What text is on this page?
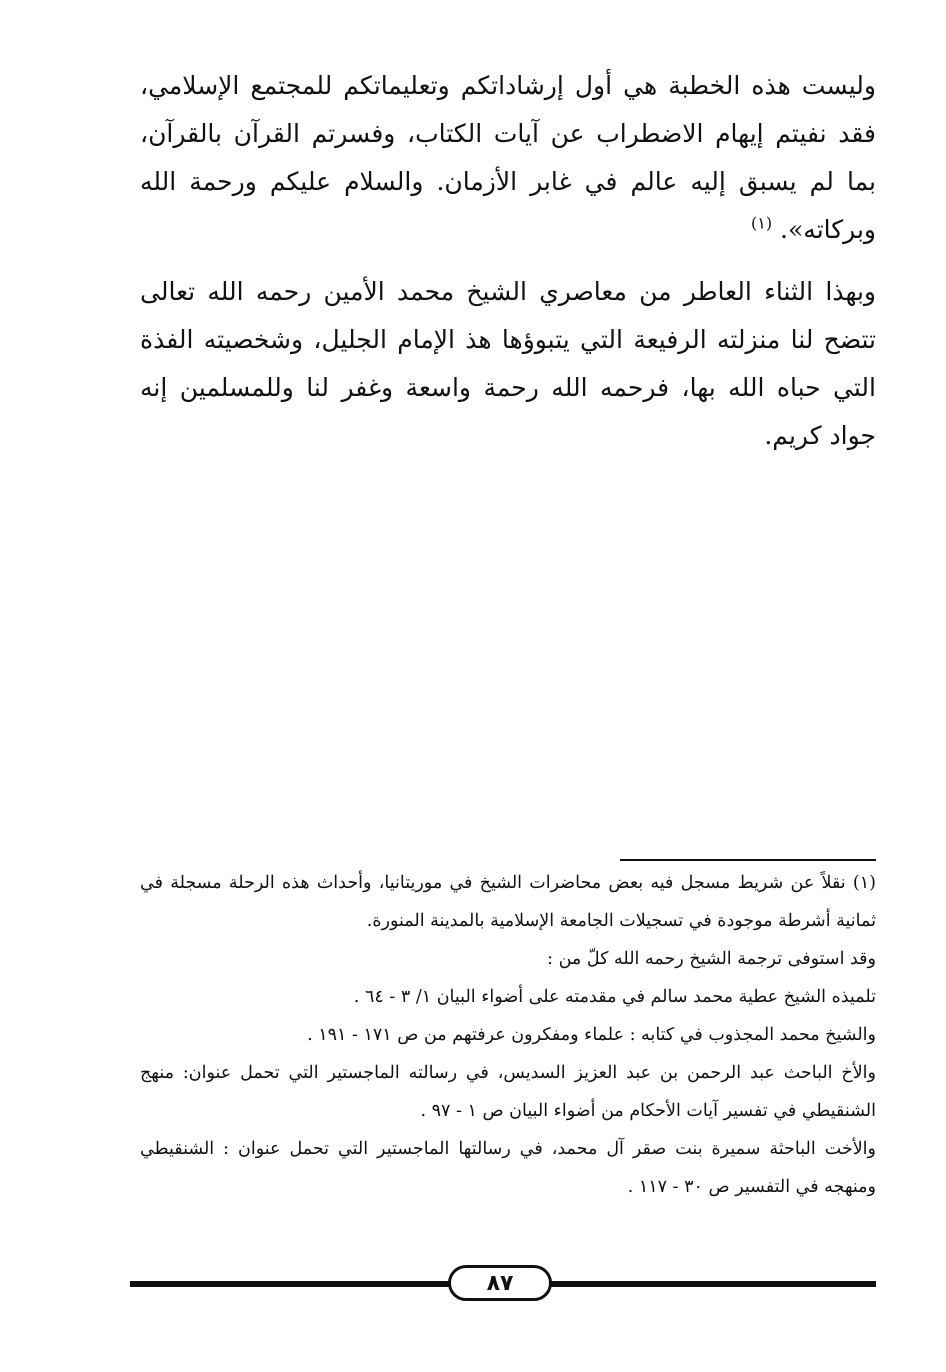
وليست هذه الخطبة هي أول إرشاداتكم وتعليماتكم للمجتمع الإسلامي، فقد نفيتم إيهام الاضطراب عن آيات الكتاب، وفسرتم القرآن بالقرآن، بما لم يسبق إليه عالم في غابر الأزمان. والسلام عليكم ورحمة الله وبركاته». $^{(١)}$

وبهذا الثناء العاطر من معاصري الشيخ محمد الأمين رحمه الله تعالى تتضح لنا منزلته الرفيعة التي يتبوؤها هذ الإمام الجليل، وشخصيته الفذة التي حباه الله بها، فرحمه الله رحمة واسعة وغفر لنا وللمسلمين إنه جواد كريم.

(١) نقلاً عن شريط مسجل فيه بعض محاضرات الشيخ في موريتانيا، وأحداث هذه الرحلة مسجلة في ثمانية أشرطة موجودة في تسجيلات الجامعة الإسلامية بالمدينة المنورة.

وقد استوفى ترجمة الشيخ رحمه الله كلّ من :

تلميذه الشيخ عطية محمد سالم في مقدمته على أضواء البيان ١/ ٣ - ٦٤ .

والشيخ محمد المجذوب في كتابه : علماء ومفكرون عرفتهم من ص ١٧١ - ١٩١ .

والأخ الباحث عبد الرحمن بن عبد العزيز السديس، في رسالته الماجستير التي تحمل عنوان: منهج الشنقيطي في تفسير آيات الأحكام من أضواء البيان ص ١ - ٩٧ .

والأخت الباحثة سميرة بنت صقر آل محمد، في رسالتها الماجستير التي تحمل عنوان : الشنقيطي ومنهجه في التفسير ص ٣٠ - ١١٧ .

٨٧
